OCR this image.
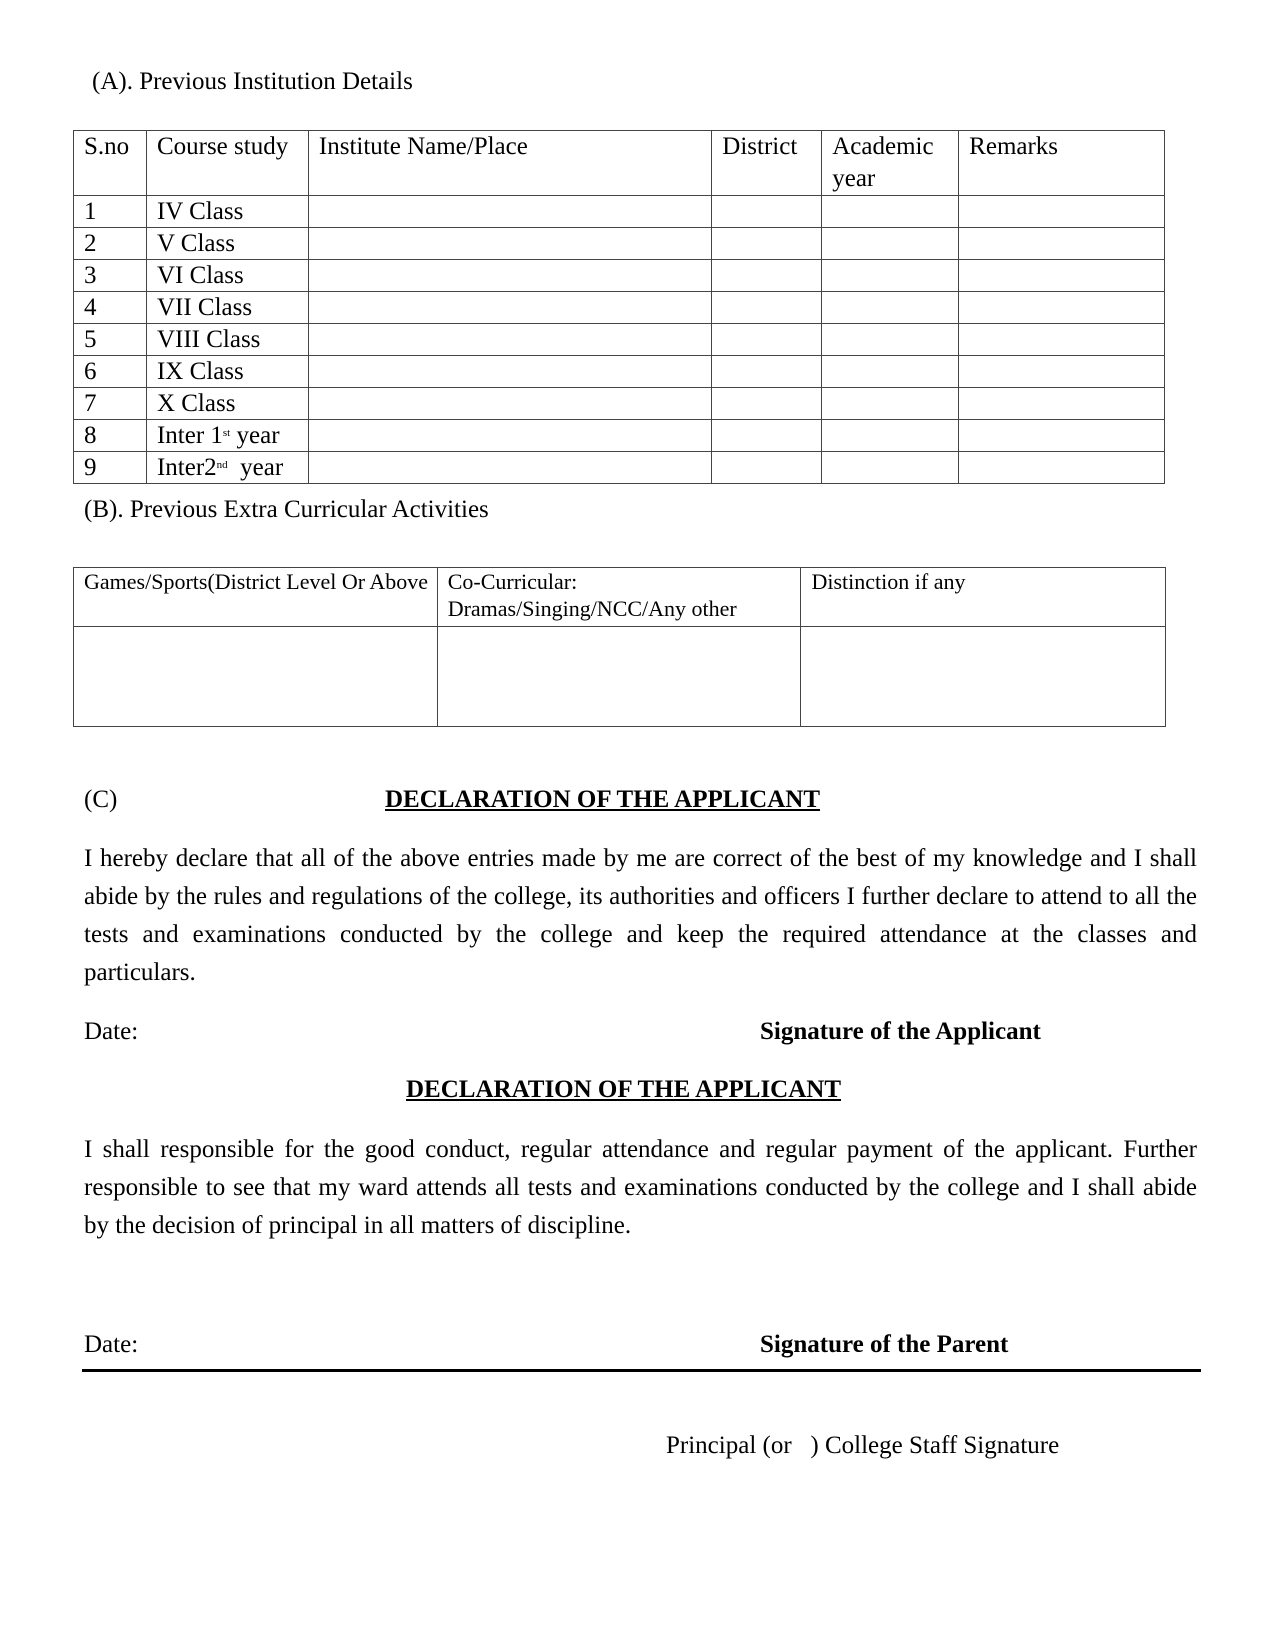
(A). Previous Institution Details
S.no	Course study	Institute Name/Place	District	Academic year	Remarks
1	IV Class				
2	V Class				
3	VI Class				
4	VII Class				
5	VIII Class				
6	IX Class				
7	X Class				
8	Inter 1st year				
9	Inter2nd  year				
(B). Previous Extra Curricular Activities
Games/Sports(District Level Or Above	Co-Curricular: Dramas/Singing/NCC/Any other	Distinction if any

(C)	DECLARATION OF THE APPLICANT
I hereby declare that all of the above entries made by me are correct of the best of my knowledge and I shall abide by the rules and regulations of the college, its authorities and officers I further declare to attend to all the tests and examinations conducted by the college and keep the required attendance at the classes and particulars.
Date:	Signature of the Applicant
DECLARATION OF THE APPLICANT
I shall responsible for the good conduct, regular attendance and regular payment of the applicant. Further responsible to see that my ward attends all tests and examinations conducted by the college and I shall abide by the decision of principal in all matters of discipline.
Date:	Signature of the Parent
Principal (or   ) College Staff Signature
